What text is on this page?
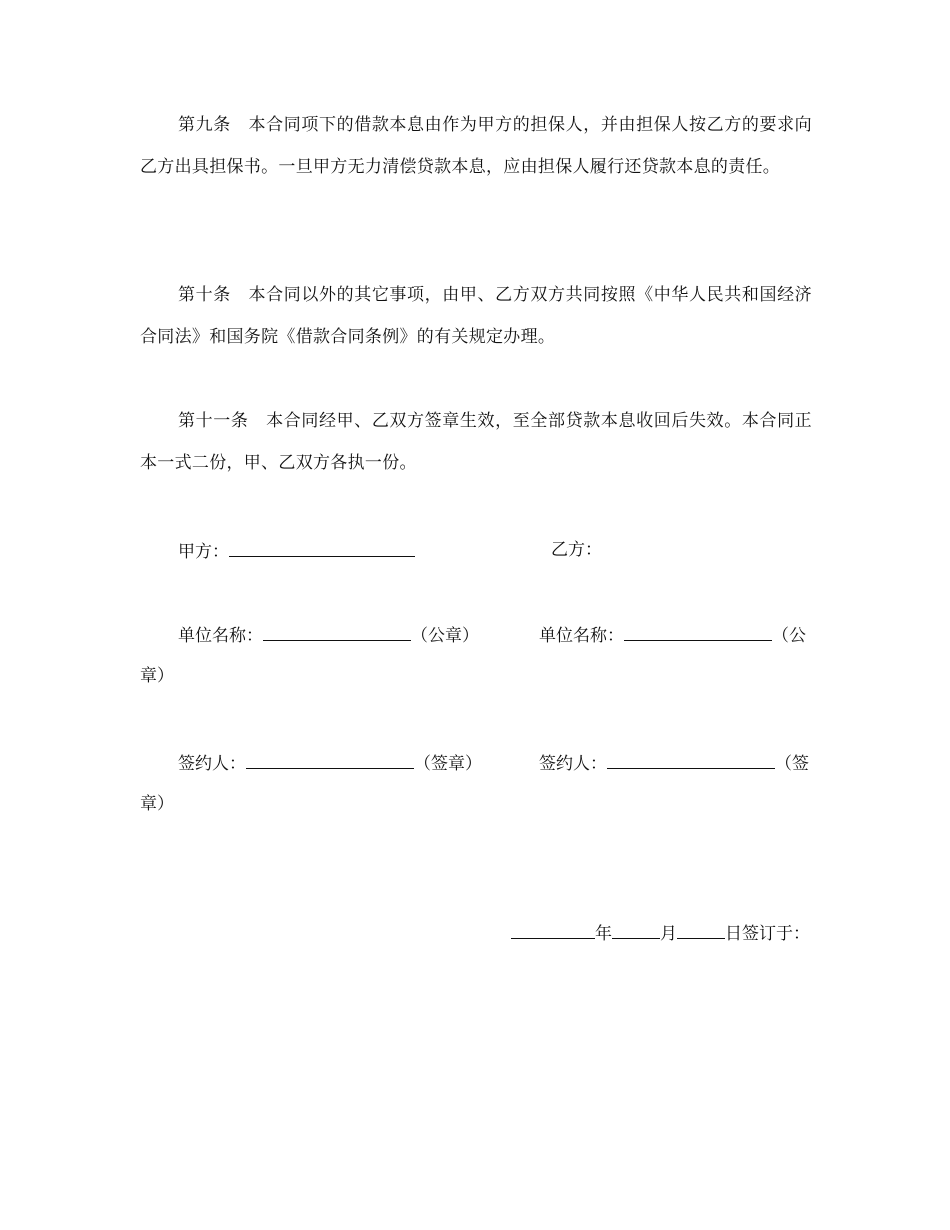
第九条　本合同项下的借款本息由作为甲方的担保人，并由担保人按乙方的要求向乙方出具担保书。一旦甲方无力清偿贷款本息，应由担保人履行还贷款本息的责任。

第十条　本合同以外的其它事项，由甲、乙方双方共同按照《中华人民共和国经济合同法》和国务院《借款合同条例》的有关规定办理。

第十一条　本合同经甲、乙双方签章生效，至全部贷款本息收回后失效。本合同正本一式二份，甲、乙双方各执一份。

甲方：	乙方：
单位名称：	（公章）	单位名称：	（公
章）
签约人：	（签章）	签约人：	（签
章）
年	月	日签订于：
